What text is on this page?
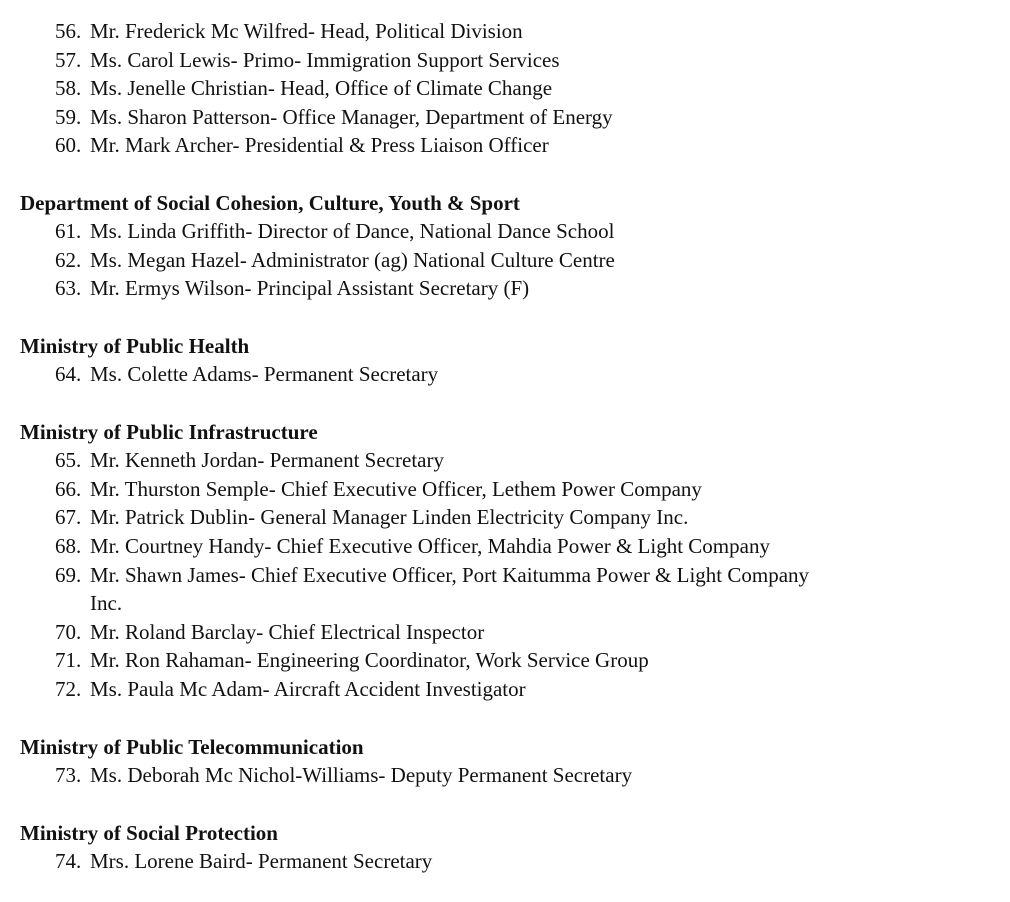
56. Mr. Frederick Mc Wilfred- Head, Political Division
57. Ms. Carol Lewis- Primo- Immigration Support Services
58. Ms. Jenelle Christian- Head, Office of Climate Change
59. Ms. Sharon Patterson- Office Manager, Department of Energy
60. Mr. Mark Archer- Presidential & Press Liaison Officer
Department of Social Cohesion, Culture, Youth & Sport
61. Ms. Linda Griffith- Director of Dance, National Dance School
62. Ms. Megan Hazel- Administrator (ag) National Culture Centre
63. Mr. Ermys Wilson- Principal Assistant Secretary (F)
Ministry of Public Health
64. Ms. Colette Adams- Permanent Secretary
Ministry of Public Infrastructure
65. Mr. Kenneth Jordan- Permanent Secretary
66. Mr. Thurston Semple- Chief Executive Officer, Lethem Power Company
67. Mr. Patrick Dublin- General Manager Linden Electricity Company Inc.
68. Mr. Courtney Handy- Chief Executive Officer, Mahdia Power & Light Company
69. Mr. Shawn James- Chief Executive Officer, Port Kaitumma Power & Light Company
Inc.
70. Mr. Roland Barclay- Chief Electrical Inspector
71. Mr. Ron Rahaman- Engineering Coordinator, Work Service Group
72. Ms. Paula Mc Adam- Aircraft Accident Investigator
Ministry of Public Telecommunication
73. Ms. Deborah Mc Nichol-Williams- Deputy Permanent Secretary
Ministry of Social Protection
74. Mrs. Lorene Baird- Permanent Secretary
